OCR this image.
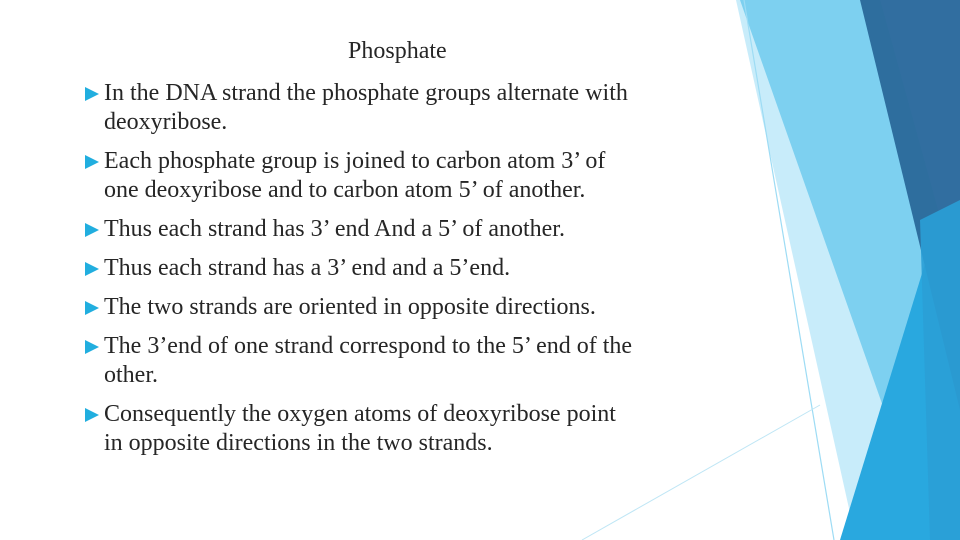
Phosphate
In the DNA strand the phosphate groups alternate with
deoxyribose.
Each phosphate group is joined to carbon atom 3’ of
one deoxyribose and to carbon atom 5’ of another.
Thus each strand has 3’ end And a 5’ of another.
Thus each strand has a 3’ end and a 5’end.
The two strands are oriented in opposite directions.
The 3’end of one strand correspond to the 5’ end of the
other.
Consequently the oxygen atoms of deoxyribose point
in opposite directions in the two strands.
